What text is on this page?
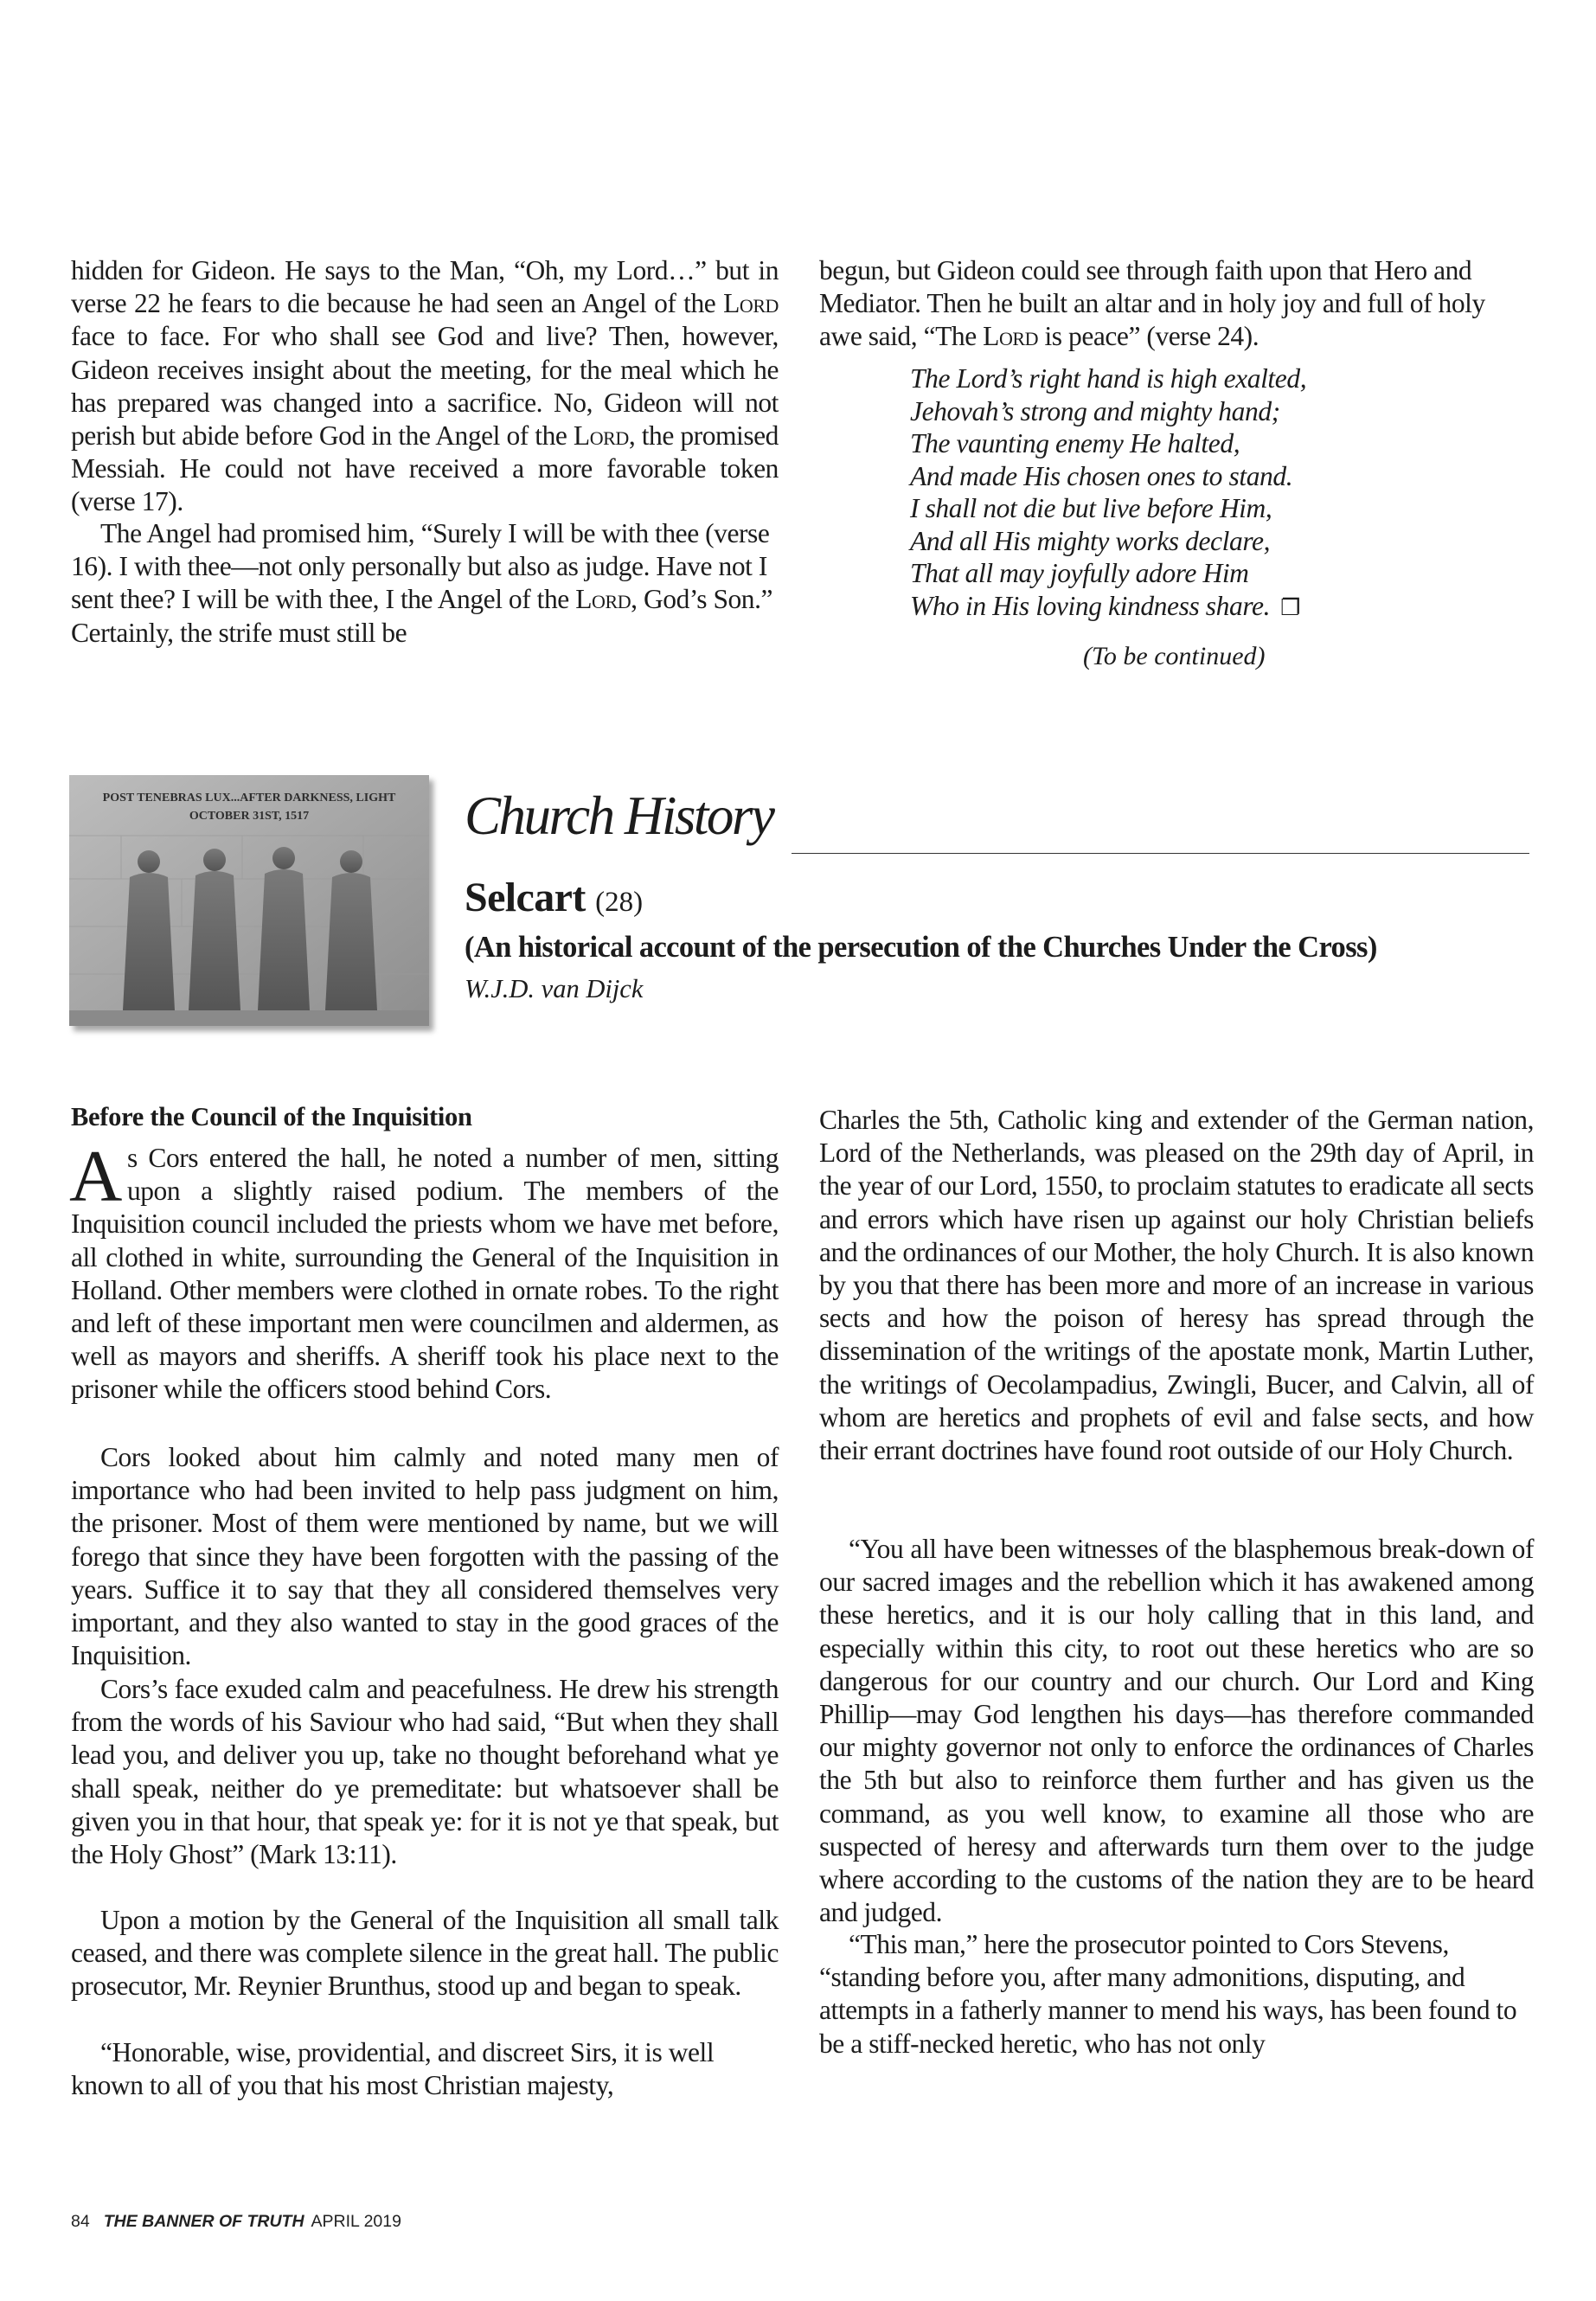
hidden for Gideon. He says to the Man, “Oh, my Lord…” but in verse 22 he fears to die because he had seen an Angel of the Lord face to face. For who shall see God and live? Then, however, Gideon receives insight about the meeting, for the meal which he has prepared was changed into a sacrifice. No, Gideon will not perish but abide before God in the Angel of the Lord, the promised Messiah. He could not have received a more favorable token (verse 17).

The Angel had promised him, “Surely I will be with thee (verse 16). I with thee—not only personally but also as judge. Have not I sent thee? I will be with thee, I the Angel of the Lord, God’s Son.” Certainly, the strife must still be

begun, but Gideon could see through faith upon that Hero and Mediator. Then he built an altar and in holy joy and full of holy awe said, “The Lord is peace” (verse 24).

The Lord’s right hand is high exalted,
Jehovah’s strong and mighty hand;
The vaunting enemy He halted,
And made His chosen ones to stand.
I shall not die but live before Him,
And all His mighty works declare,
That all may joyfully adore Him
Who in His loving kindness share. ❐
(To be continued)
POST TENEBRAS LUX...AFTER DARKNESS, LIGHT
OCTOBER 31ST, 1517	Church History
Selcart (28)
(An historical account of the persecution of the Churches Under the Cross)
W.J.D. van Dijck
Before the Council of the Inquisition

As Cors entered the hall, he noted a number of men, sitting upon a slightly raised podium. The members of the Inquisition council included the priests whom we have met before, all clothed in white, surrounding the General of the Inquisition in Holland. Other members were clothed in ornate robes. To the right and left of these important men were councilmen and aldermen, as well as mayors and sheriffs. A sheriff took his place next to the prisoner while the officers stood behind Cors.

Cors looked about him calmly and noted many men of importance who had been invited to help pass judgment on him, the prisoner. Most of them were mentioned by name, but we will forego that since they have been forgotten with the passing of the years. Suffice it to say that they all considered themselves very important, and they also wanted to stay in the good graces of the Inquisition.

Cors’s face exuded calm and peacefulness. He drew his strength from the words of his Saviour who had said, “But when they shall lead you, and deliver you up, take no thought beforehand what ye shall speak, neither do ye premeditate: but whatsoever shall be given you in that hour, that speak ye: for it is not ye that speak, but the Holy Ghost” (Mark 13:11).

Upon a motion by the General of the Inquisition all small talk ceased, and there was complete silence in the great hall. The public prosecutor, Mr. Reynier Brunthus, stood up and began to speak.

“Honorable, wise, providential, and discreet Sirs, it is well known to all of you that his most Christian majesty,

Charles the 5th, Catholic king and extender of the German nation, Lord of the Netherlands, was pleased on the 29th day of April, in the year of our Lord, 1550, to proclaim statutes to eradicate all sects and errors which have risen up against our holy Christian beliefs and the ordinances of our Mother, the holy Church. It is also known by you that there has been more and more of an increase in various sects and how the poison of heresy has spread through the dissemination of the writings of the apostate monk, Martin Luther, the writings of Oecolampadius, Zwingli, Bucer, and Calvin, all of whom are heretics and prophets of evil and false sects, and how their errant doctrines have found root outside of our Holy Church.

“You all have been witnesses of the blasphemous break-down of our sacred images and the rebellion which it has awakened among these heretics, and it is our holy calling that in this land, and especially within this city, to root out these heretics who are so dangerous for our country and our church. Our Lord and King Phillip—may God lengthen his days—has therefore commanded our mighty governor not only to enforce the ordinances of Charles the 5th but also to reinforce them further and has given us the command, as you well know, to examine all those who are suspected of heresy and afterwards turn them over to the judge where according to the customs of the nation they are to be heard and judged.

“This man,” here the prosecutor pointed to Cors Stevens, “standing before you, after many admonitions, disputing, and attempts in a fatherly manner to mend his ways, has been found to be a stiff-necked heretic, who has not only

84 THE BANNER OF TRUTH APRIL 2019
